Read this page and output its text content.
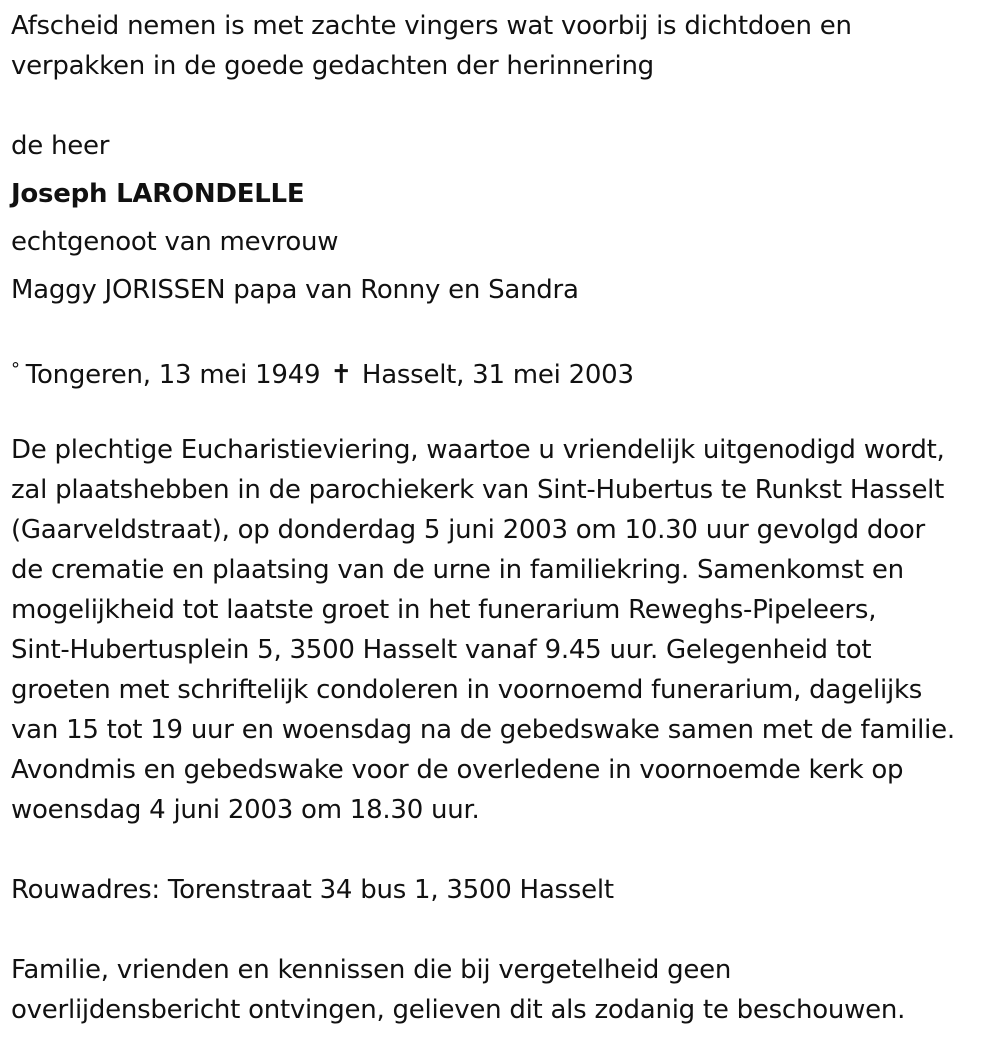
Afscheid nemen is met zachte vingers wat voorbij is dichtdoen en
verpakken in de goede gedachten der herinnering
de heer
Joseph LARONDELLE
echtgenoot van mevrouw
Maggy JORISSEN papa van Ronny en Sandra
° Tongeren, 13 mei 1949 ✝ Hasselt, 31 mei 2003
De plechtige Eucharistieviering, waartoe u vriendelijk uitgenodigd wordt,
zal plaatshebben in de parochiekerk van Sint-Hubertus te Runkst Hasselt
(Gaarveldstraat), op donderdag 5 juni 2003 om 10.30 uur gevolgd door
de crematie en plaatsing van de urne in familiekring. Samenkomst en
mogelijkheid tot laatste groet in het funerarium Reweghs-Pipeleers,
Sint-Hubertusplein 5, 3500 Hasselt vanaf 9.45 uur. Gelegenheid tot
groeten met schriftelijk condoleren in voornoemd funerarium, dagelijks
van 15 tot 19 uur en woensdag na de gebedswake samen met de familie.
Avondmis en gebedswake voor de overledene in voornoemde kerk op
woensdag 4 juni 2003 om 18.30 uur.
Rouwadres: Torenstraat 34 bus 1, 3500 Hasselt
Familie, vrienden en kennissen die bij vergetelheid geen
overlijdensbericht ontvingen, gelieven dit als zodanig te beschouwen.
